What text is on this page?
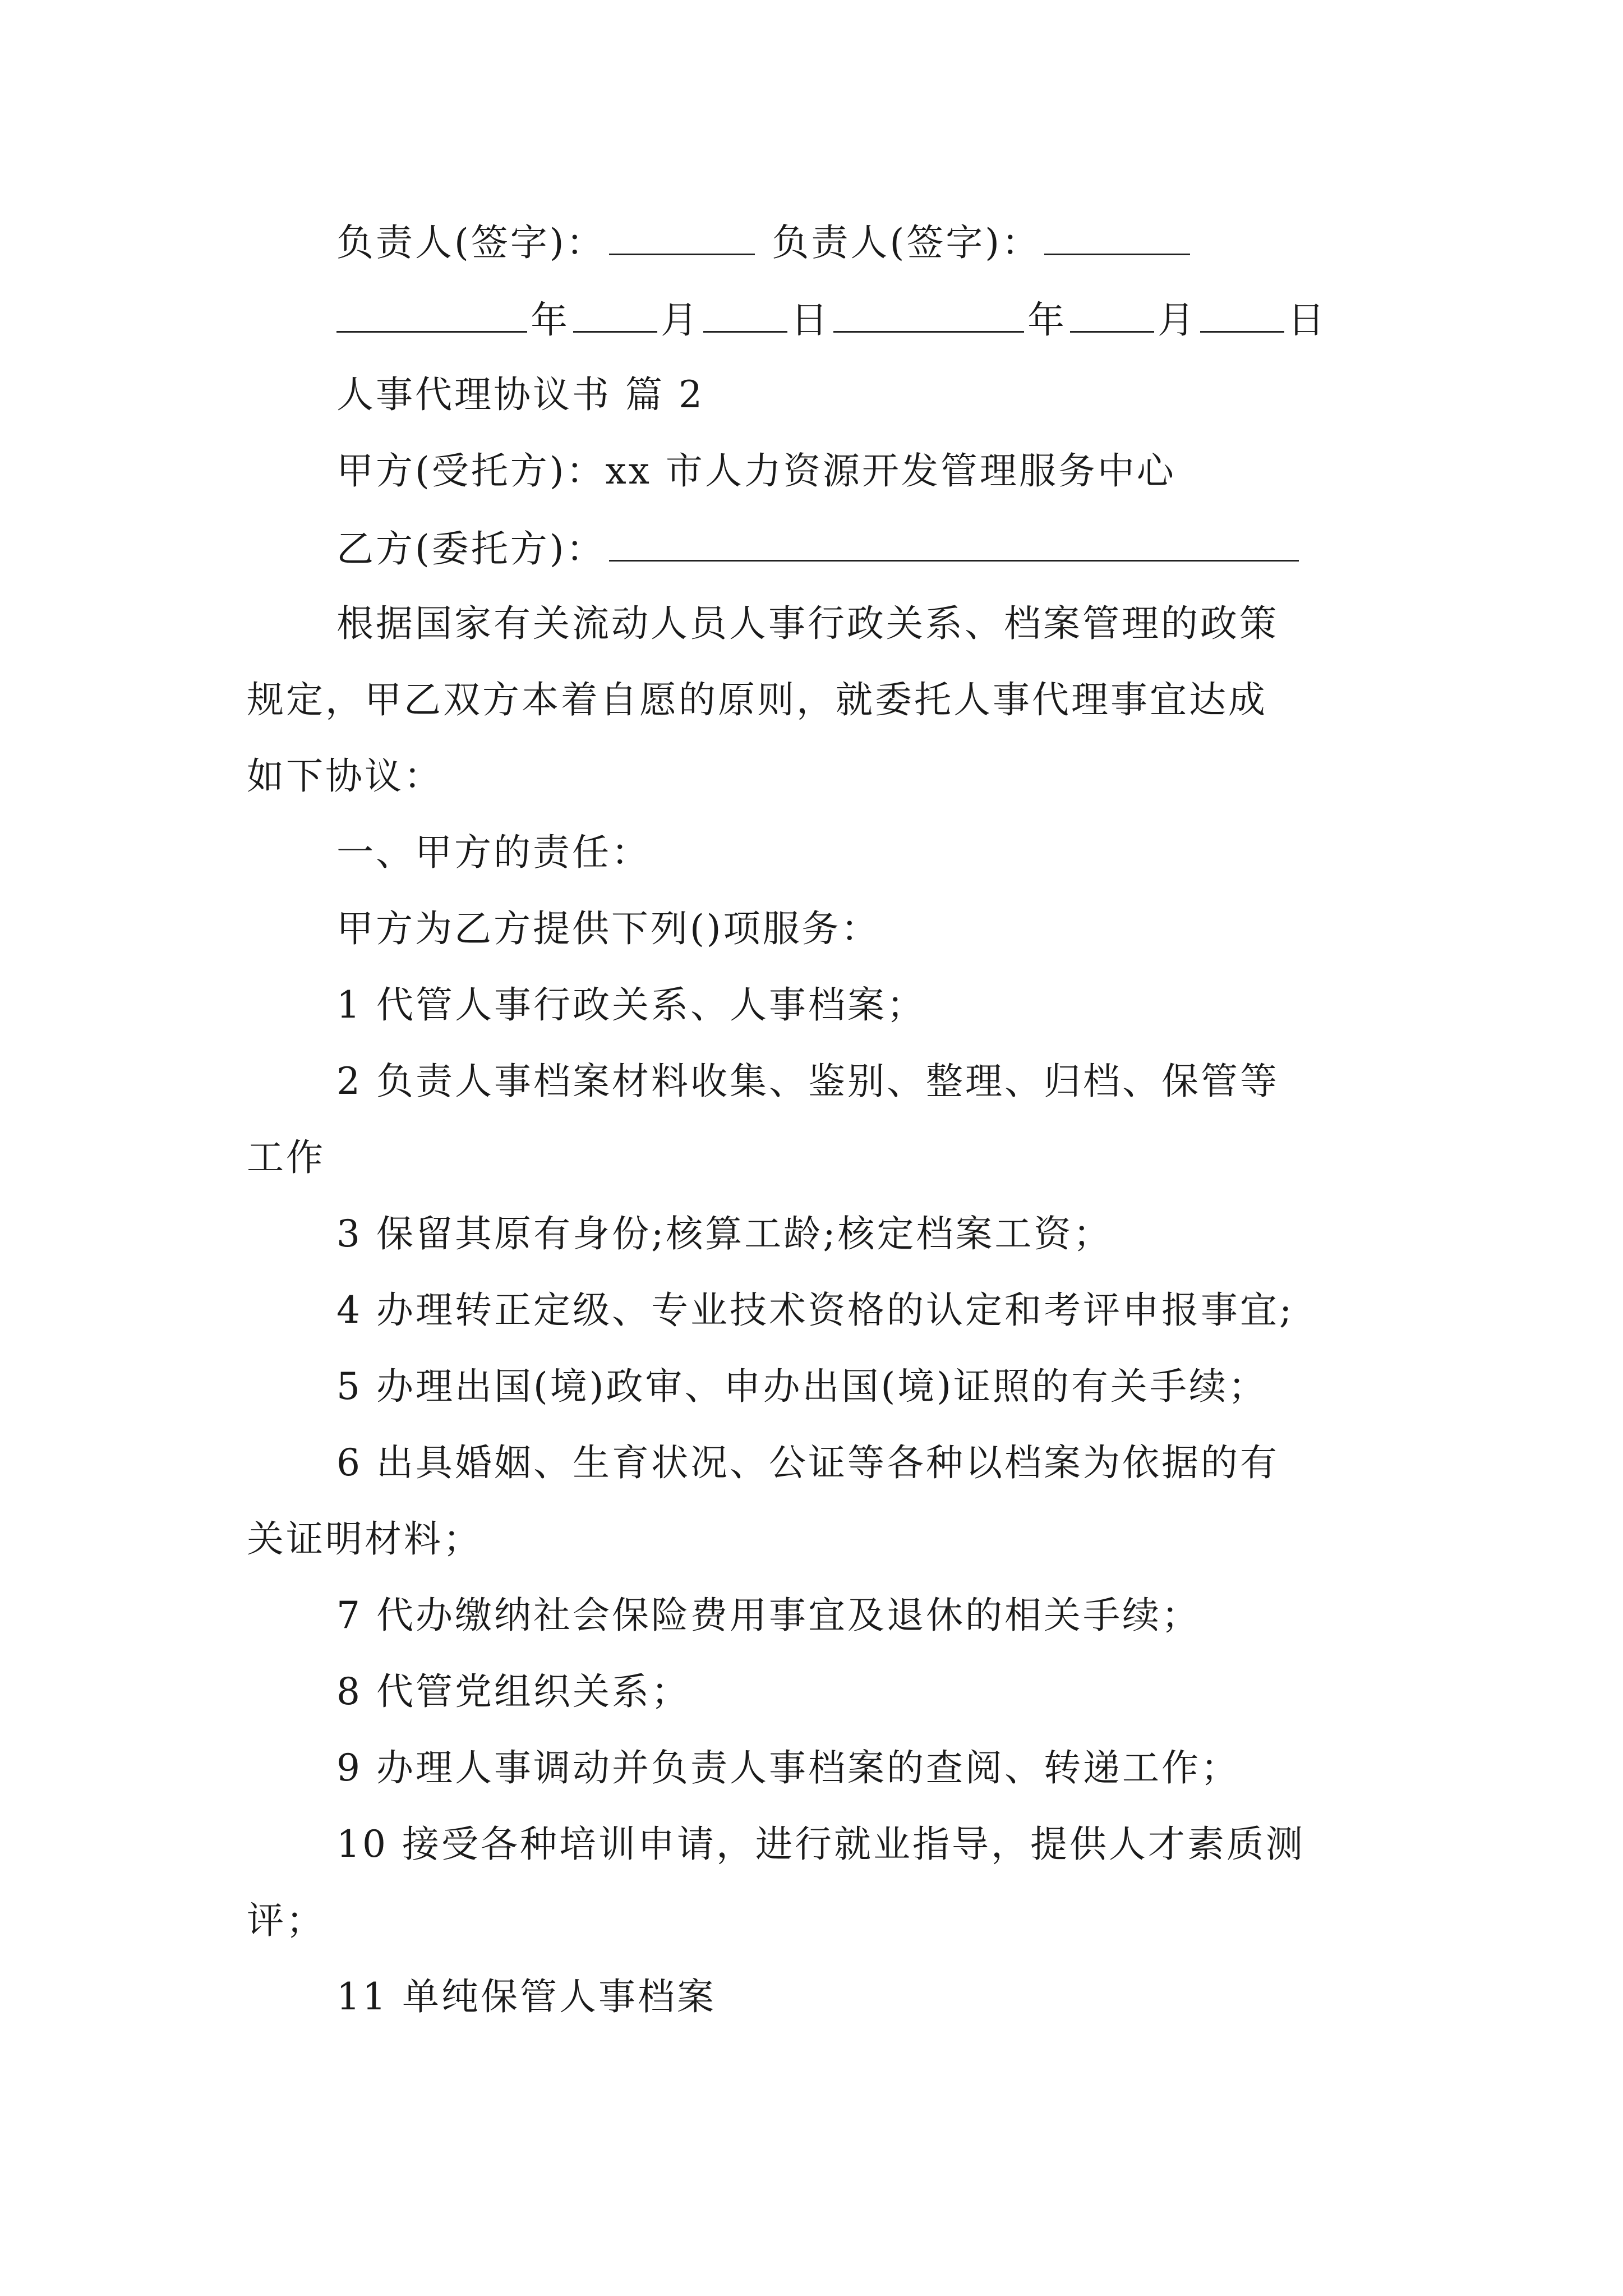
负责人(签字)：	负责人(签字)：
年 月 日	年 月 日
人事代理协议书 篇 2
甲方(受托方)：xx 市人力资源开发管理服务中心
乙方(委托方)：
根据国家有关流动人员人事行政关系、档案管理的政策
规定，甲乙双方本着自愿的原则，就委托人事代理事宜达成
如下协议：
一、甲方的责任：
甲方为乙方提供下列()项服务：
1 代管人事行政关系、人事档案；
2 负责人事档案材料收集、鉴别、整理、归档、保管等
工作
3 保留其原有身份;核算工龄;核定档案工资；
4 办理转正定级、专业技术资格的认定和考评申报事宜;
5 办理出国(境)政审、申办出国(境)证照的有关手续；
6 出具婚姻、生育状况、公证等各种以档案为依据的有
关证明材料；
7 代办缴纳社会保险费用事宜及退休的相关手续；
8 代管党组织关系；
9 办理人事调动并负责人事档案的查阅、转递工作；
10 接受各种培训申请，进行就业指导，提供人才素质测
评；
11 单纯保管人事档案
